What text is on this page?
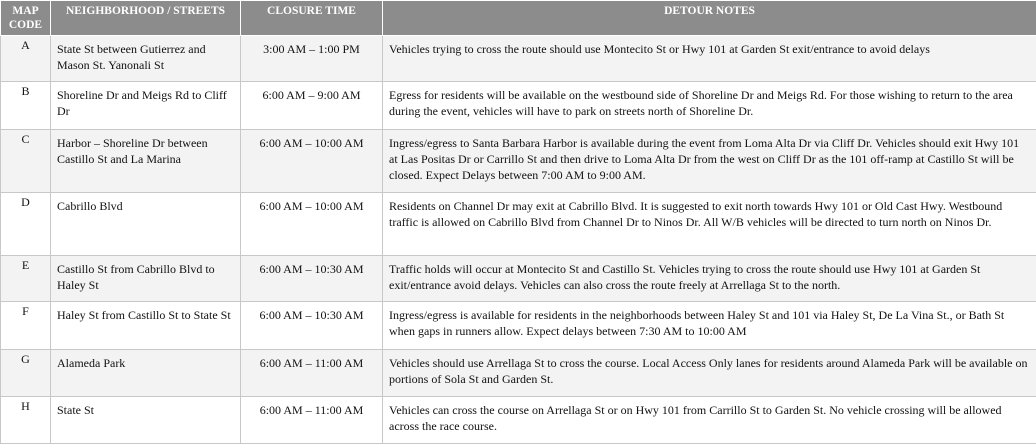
MAP CODE	NEIGHBORHOOD / STREETS	CLOSURE TIME	DETOUR NOTES
A	State St between Gutierrez and Mason St. Yanonali St	3:00 AM – 1:00 PM	Vehicles trying to cross the route should use Montecito St or Hwy 101 at Garden St exit/entrance to avoid delays
B	Shoreline Dr and Meigs Rd to Cliff Dr	6:00 AM – 9:00 AM	Egress for residents will be available on the westbound side of Shoreline Dr and Meigs Rd. For those wishing to return to the area during the event, vehicles will have to park on streets north of Shoreline Dr.
C	Harbor – Shoreline Dr between Castillo St and La Marina	6:00 AM – 10:00 AM	Ingress/egress to Santa Barbara Harbor is available during the event from Loma Alta Dr via Cliff Dr. Vehicles should exit Hwy 101 at Las Positas Dr or Carrillo St and then drive to Loma Alta Dr from the west on Cliff Dr as the 101 off-ramp at Castillo St will be closed. Expect Delays between 7:00 AM to 9:00 AM.
D	Cabrillo Blvd	6:00 AM – 10:00 AM	Residents on Channel Dr may exit at Cabrillo Blvd. It is suggested to exit north towards Hwy 101 or Old Cast Hwy. Westbound traffic is allowed on Cabrillo Blvd from Channel Dr to Ninos Dr. All W/B vehicles will be directed to turn north on Ninos Dr.
E	Castillo St from Cabrillo Blvd to Haley St	6:00 AM – 10:30 AM	Traffic holds will occur at Montecito St and Castillo St. Vehicles trying to cross the route should use Hwy 101 at Garden St exit/entrance avoid delays. Vehicles can also cross the route freely at Arrellaga St to the north.
F	Haley St from Castillo St to State St	6:00 AM – 10:30 AM	Ingress/egress is available for residents in the neighborhoods between Haley St and 101 via Haley St, De La Vina St., or Bath St when gaps in runners allow. Expect delays between 7:30 AM to 10:00 AM
G	Alameda Park	6:00 AM – 11:00 AM	Vehicles should use Arrellaga St to cross the course. Local Access Only lanes for residents around Alameda Park will be available on portions of Sola St and Garden St.
H	State St	6:00 AM – 11:00 AM	Vehicles can cross the course on Arrellaga St or on Hwy 101 from Carrillo St to Garden St. No vehicle crossing will be allowed across the race course.
